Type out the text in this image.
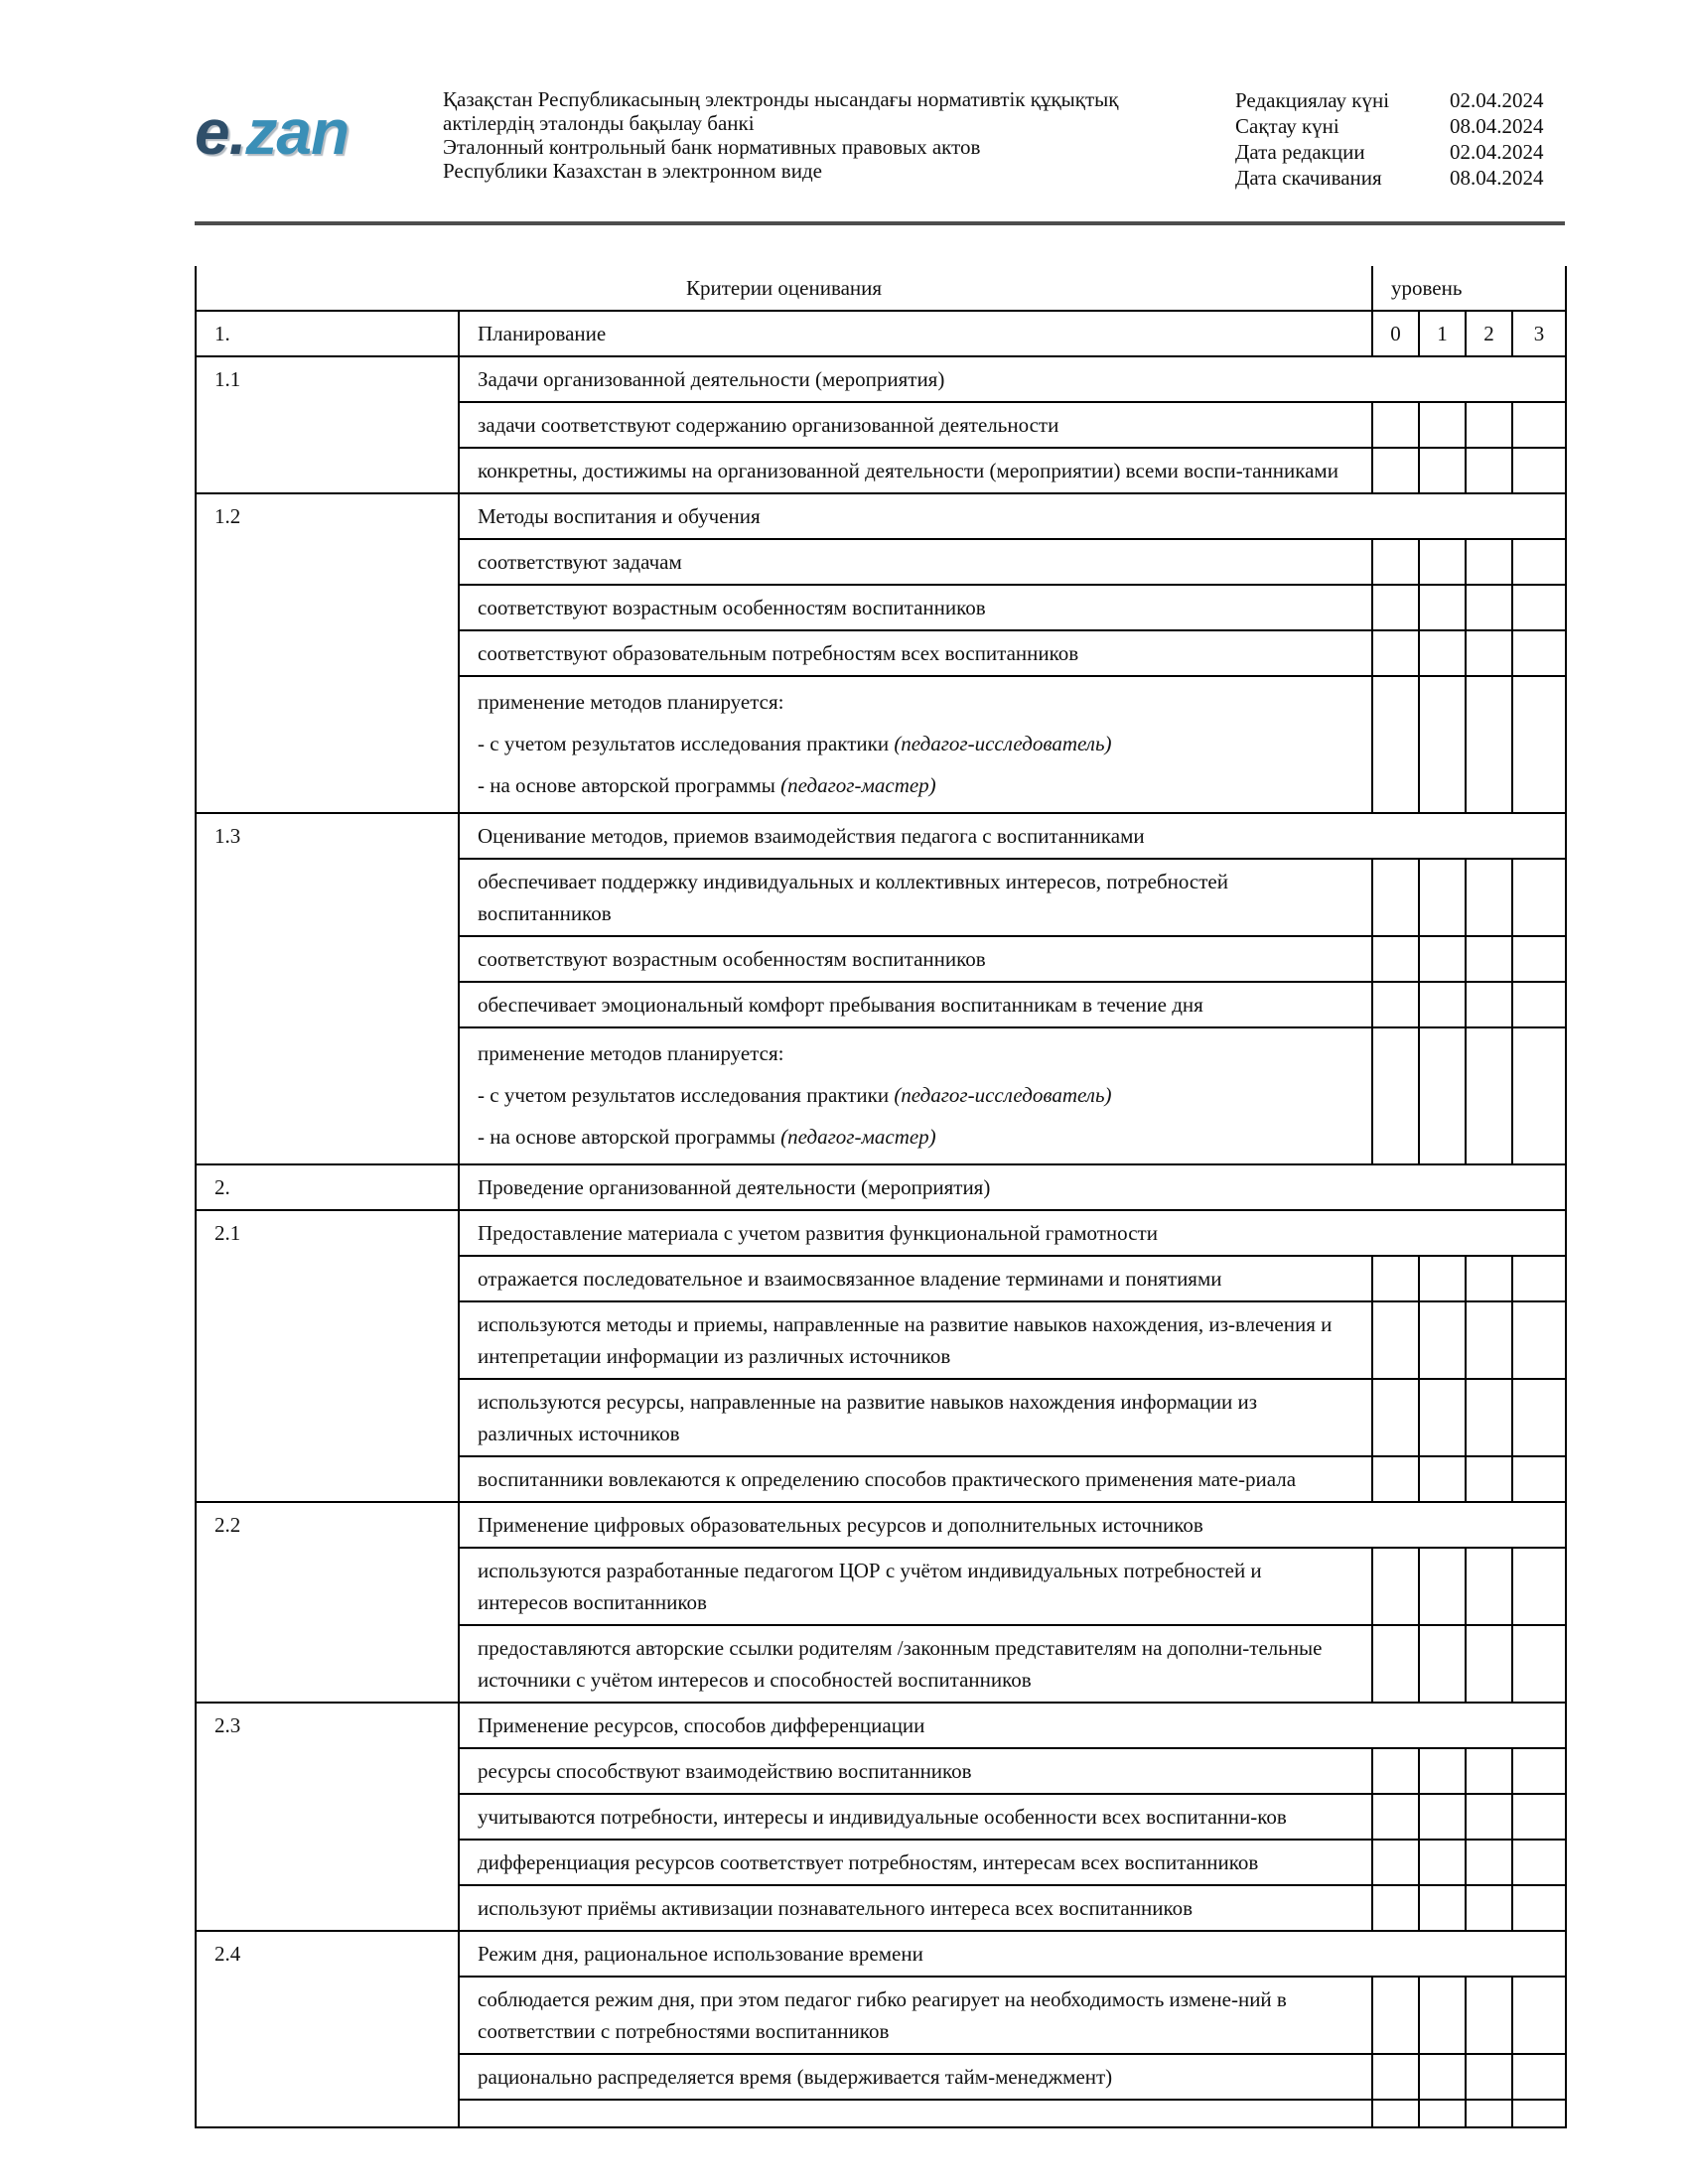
e.zan	Қазақстан Республикасының электронды нысандағы нормативтік құқықтық
актілердің эталонды бақылау банкі
Эталонный контрольный банк нормативных правовых актов
Республики Казахстан в электронном виде
Редакциялау күні	02.04.2024
Сақтау күні	08.04.2024
Дата редакции	02.04.2024
Дата скачивания	08.04.2024
Критерии оценивания		уровень			
1.	Планирование	0	1	2	3
1.1	Задачи организованной деятельности (мероприятия)				
	задачи соответствуют содержанию организованной деятельности				
	конкретны, достижимы на организованной деятельности (мероприятии) всеми воспи-танниками				
1.2	Методы воспитания и обучения				
	соответствуют задачам				
	соответствуют возрастным особенностям воспитанников				
	соответствуют образовательным потребностям всех воспитанников				

	применение методов планируется:
- с учетом результатов исследования практики (педагог-исследователь)
- на основе авторской программы (педагог-мастер)				

1.3	Оценивание методов, приемов взаимодействия педагога с воспитанниками				
	обеспечивает поддержку индивидуальных и коллективных интересов, потребностей воспитанников				
	соответствуют возрастным особенностям воспитанников				
	обеспечивает эмоциональный комфорт пребывания воспитанникам в течение дня				

	применение методов планируется:
- с учетом результатов исследования практики (педагог-исследователь)
- на основе авторской программы (педагог-мастер)				

2.	Проведение организованной деятельности (мероприятия)				
2.1	Предоставление материала с учетом развития функциональной грамотности				
	отражается последовательное и взаимосвязанное владение терминами и понятиями				
	используются методы и приемы, направленные на развитие навыков нахождения, из-влечения и интепретации информации из различных источников				
	используются ресурсы, направленные на развитие навыков нахождения информации из различных источников				
	воспитанники вовлекаются к определению способов практического применения мате-риала				
2.2	Применение цифровых образовательных ресурсов и дополнительных источников				
	используются разработанные педагогом ЦОР с учётом индивидуальных потребностей и интересов воспитанников				
	предоставляются авторские ссылки родителям /законным представителям на дополни-тельные источники с учётом интересов и способностей воспитанников				
2.3	Применение ресурсов, способов дифференциации				
	ресурсы способствуют взаимодействию воспитанников				
	учитываются потребности, интересы и индивидуальные особенности всех воспитанни-ков				
	дифференциация ресурсов соответствует потребностям, интересам всех воспитанников				
	используют приёмы активизации познавательного интереса всех воспитанников				
2.4	Режим дня, рациональное использование времени				
	соблюдается режим дня, при этом педагог гибко реагирует на необходимость измене-ний в соответствии с потребностями воспитанников				
	рационально распределяется время (выдерживается тайм-менеджмент)				
